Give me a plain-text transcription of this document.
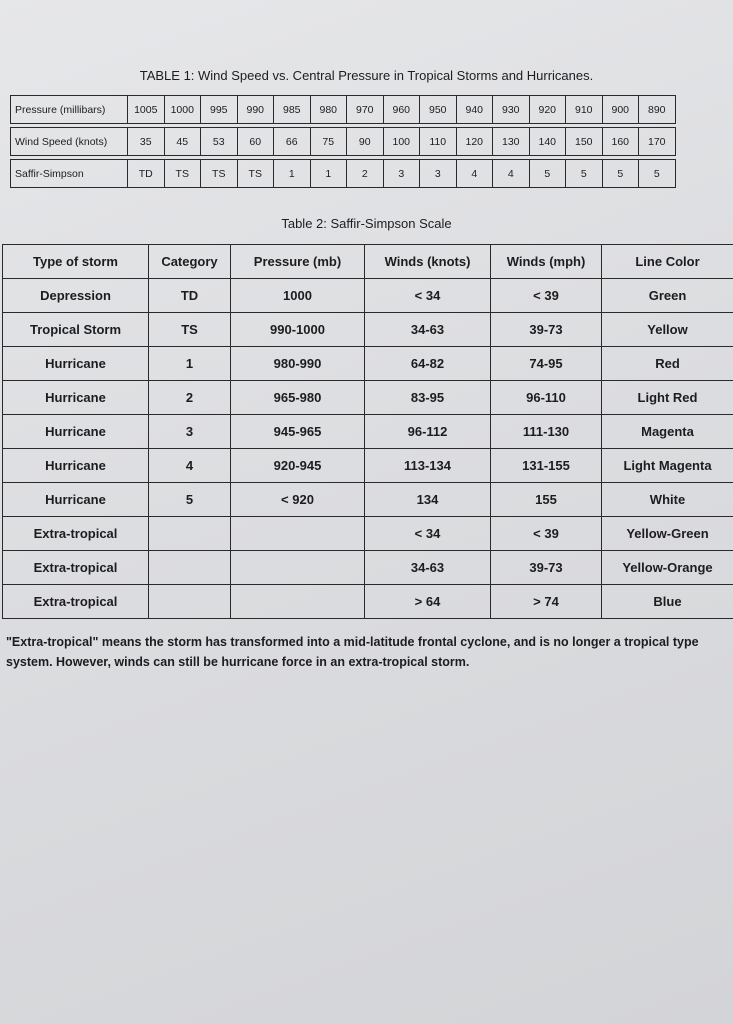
TABLE 1: Wind Speed vs. Central Pressure in Tropical Storms and Hurricanes.
Pressure (millibars)	1005	1000	995	990	985	980	970	960	950	940	930	920	910	900	890

Wind Speed (knots)	35	45	53	60	66	75	90	100	110	120	130	140	150	160	170

Saffir-Simpson	TD	TS	TS	TS	1	1	2	3	3	4	4	5	5	5	5
Table 2: Saffir-Simpson Scale
Type of storm	Category	Pressure (mb)	Winds (knots)	Winds (mph)	Line Color
Depression	TD	1000	< 34	< 39	Green
Tropical Storm	TS	990-1000	34-63	39-73	Yellow
Hurricane	1	980-990	64-82	74-95	Red
Hurricane	2	965-980	83-95	96-110	Light Red
Hurricane	3	945-965	96-112	111-130	Magenta
Hurricane	4	920-945	113-134	131-155	Light Magenta
Hurricane	5	< 920	134	155	White
Extra-tropical			< 34	< 39	Yellow-Green
Extra-tropical			34-63	39-73	Yellow-Orange
Extra-tropical			> 64	> 74	Blue
"Extra-tropical" means the storm has transformed into a mid-latitude frontal cyclone, and is no longer a tropical type system. However, winds can still be hurricane force in an extra-tropical storm.
